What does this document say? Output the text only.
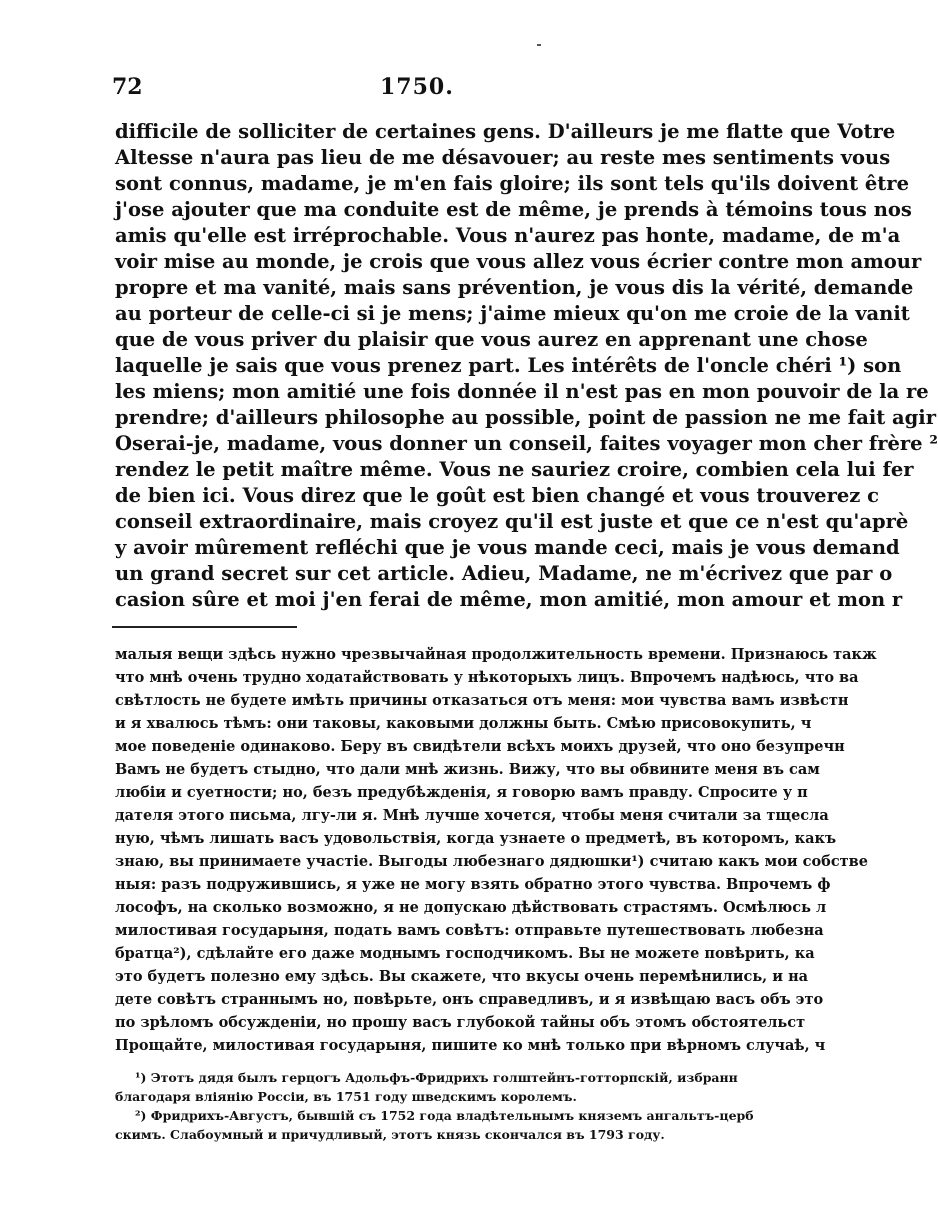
72	1750.
difficile de solliciter de certaines gens. D'ailleurs je me flatte que Votre
Altesse n'aura pas lieu de me désavouer; au reste mes sentiments vous
sont connus, madame, je m'en fais gloire; ils sont tels qu'ils doivent être
j'ose ajouter que ma conduite est de même, je prends à témoins tous nos
amis qu'elle est irréprochable. Vous n'aurez pas honte, madame, de m'a
voir mise au monde, je crois que vous allez vous écrier contre mon amour
propre et ma vanité, mais sans prévention, je vous dis la vérité, demande
au porteur de celle-ci si je mens; j'aime mieux qu'on me croie de la vanit
que de vous priver du plaisir que vous aurez en apprenant une chose
laquelle je sais que vous prenez part. Les intérêts de l'oncle chéri ¹) son
les miens; mon amitié une fois donnée il n'est pas en mon pouvoir de la re
prendre; d'ailleurs philosophe au possible, point de passion ne me fait agir
Oserai-je, madame, vous donner un conseil, faites voyager mon cher frère ²
rendez le petit maître même. Vous ne sauriez croire, combien cela lui fer
de bien ici. Vous direz que le goût est bien changé et vous trouverez c
conseil extraordinaire, mais croyez qu'il est juste et que ce n'est qu'aprè
y avoir mûrement refléchi que je vous mande ceci, mais je vous demand
un grand secret sur cet article. Adieu, Madame, ne m'écrivez que par o
casion sûre et moi j'en ferai de même, mon amitié, mon amour et mon r
малыя вещи здѣсь нужно чрезвычайная продолжительность времени. Признаюсь такж
что мнѣ очень трудно ходатайствовать у нѣкоторыхъ лицъ. Впрочемъ надѣюсь, что ва
свѣтлость не будете имѣть причины отказаться отъ меня: мои чувства вамъ извѣстн
и я хвалюсь тѣмъ: они таковы, каковыми должны быть. Смѣю присовокупить, ч
мое поведеніе одинаково. Беру въ свидѣтели всѣхъ моихъ друзей, что оно безупречн
Вамъ не будетъ стыдно, что дали мнѣ жизнь. Вижу, что вы обвините меня въ сам
любіи и суетности; но, безъ предубѣжденія, я говорю вамъ правду. Спросите у п
дателя этого письма, лгу-ли я. Мнѣ лучше хочется, чтобы меня считали за тщесла
ную, чѣмъ лишать васъ удовольствія, когда узнаете о предметѣ, въ которомъ, какъ
знаю, вы принимаете участіе. Выгоды любезнаго дядюшки¹) считаю какъ мои собстве
ныя: разъ подружившись, я уже не могу взять обратно этого чувства. Впрочемъ ф
лософъ, на сколько возможно, я не допускаю дѣйствовать страстямъ. Осмѣлюсь л
милостивая государыня, подать вамъ совѣтъ: отправьте путешествовать любезна
братца²), сдѣлайте его даже моднымъ господчикомъ. Вы не можете повѣрить, ка
это будетъ полезно ему здѣсь. Вы скажете, что вкусы очень перемѣнились, и на
дете совѣтъ страннымъ но, повѣрьте, онъ справедливъ, и я извѣщаю васъ объ это
по зрѣломъ обсужденіи, но прошу васъ глубокой тайны объ этомъ обстоятельст
Прощайте, милостивая государыня, пишите ко мнѣ только при вѣрномъ случаѣ, ч
¹) Этотъ дядя былъ герцогъ Адольфъ-Фридрихъ голштейнъ-готторпскій, избранн
благодаря вліянію Россіи, въ 1751 году шведскимъ королемъ.
²) Фридрихъ-Августъ, бывшій съ 1752 года владѣтельнымъ княземъ ангальтъ-церб
скимъ. Слабоумный и причудливый, этотъ князь скончался въ 1793 году.
